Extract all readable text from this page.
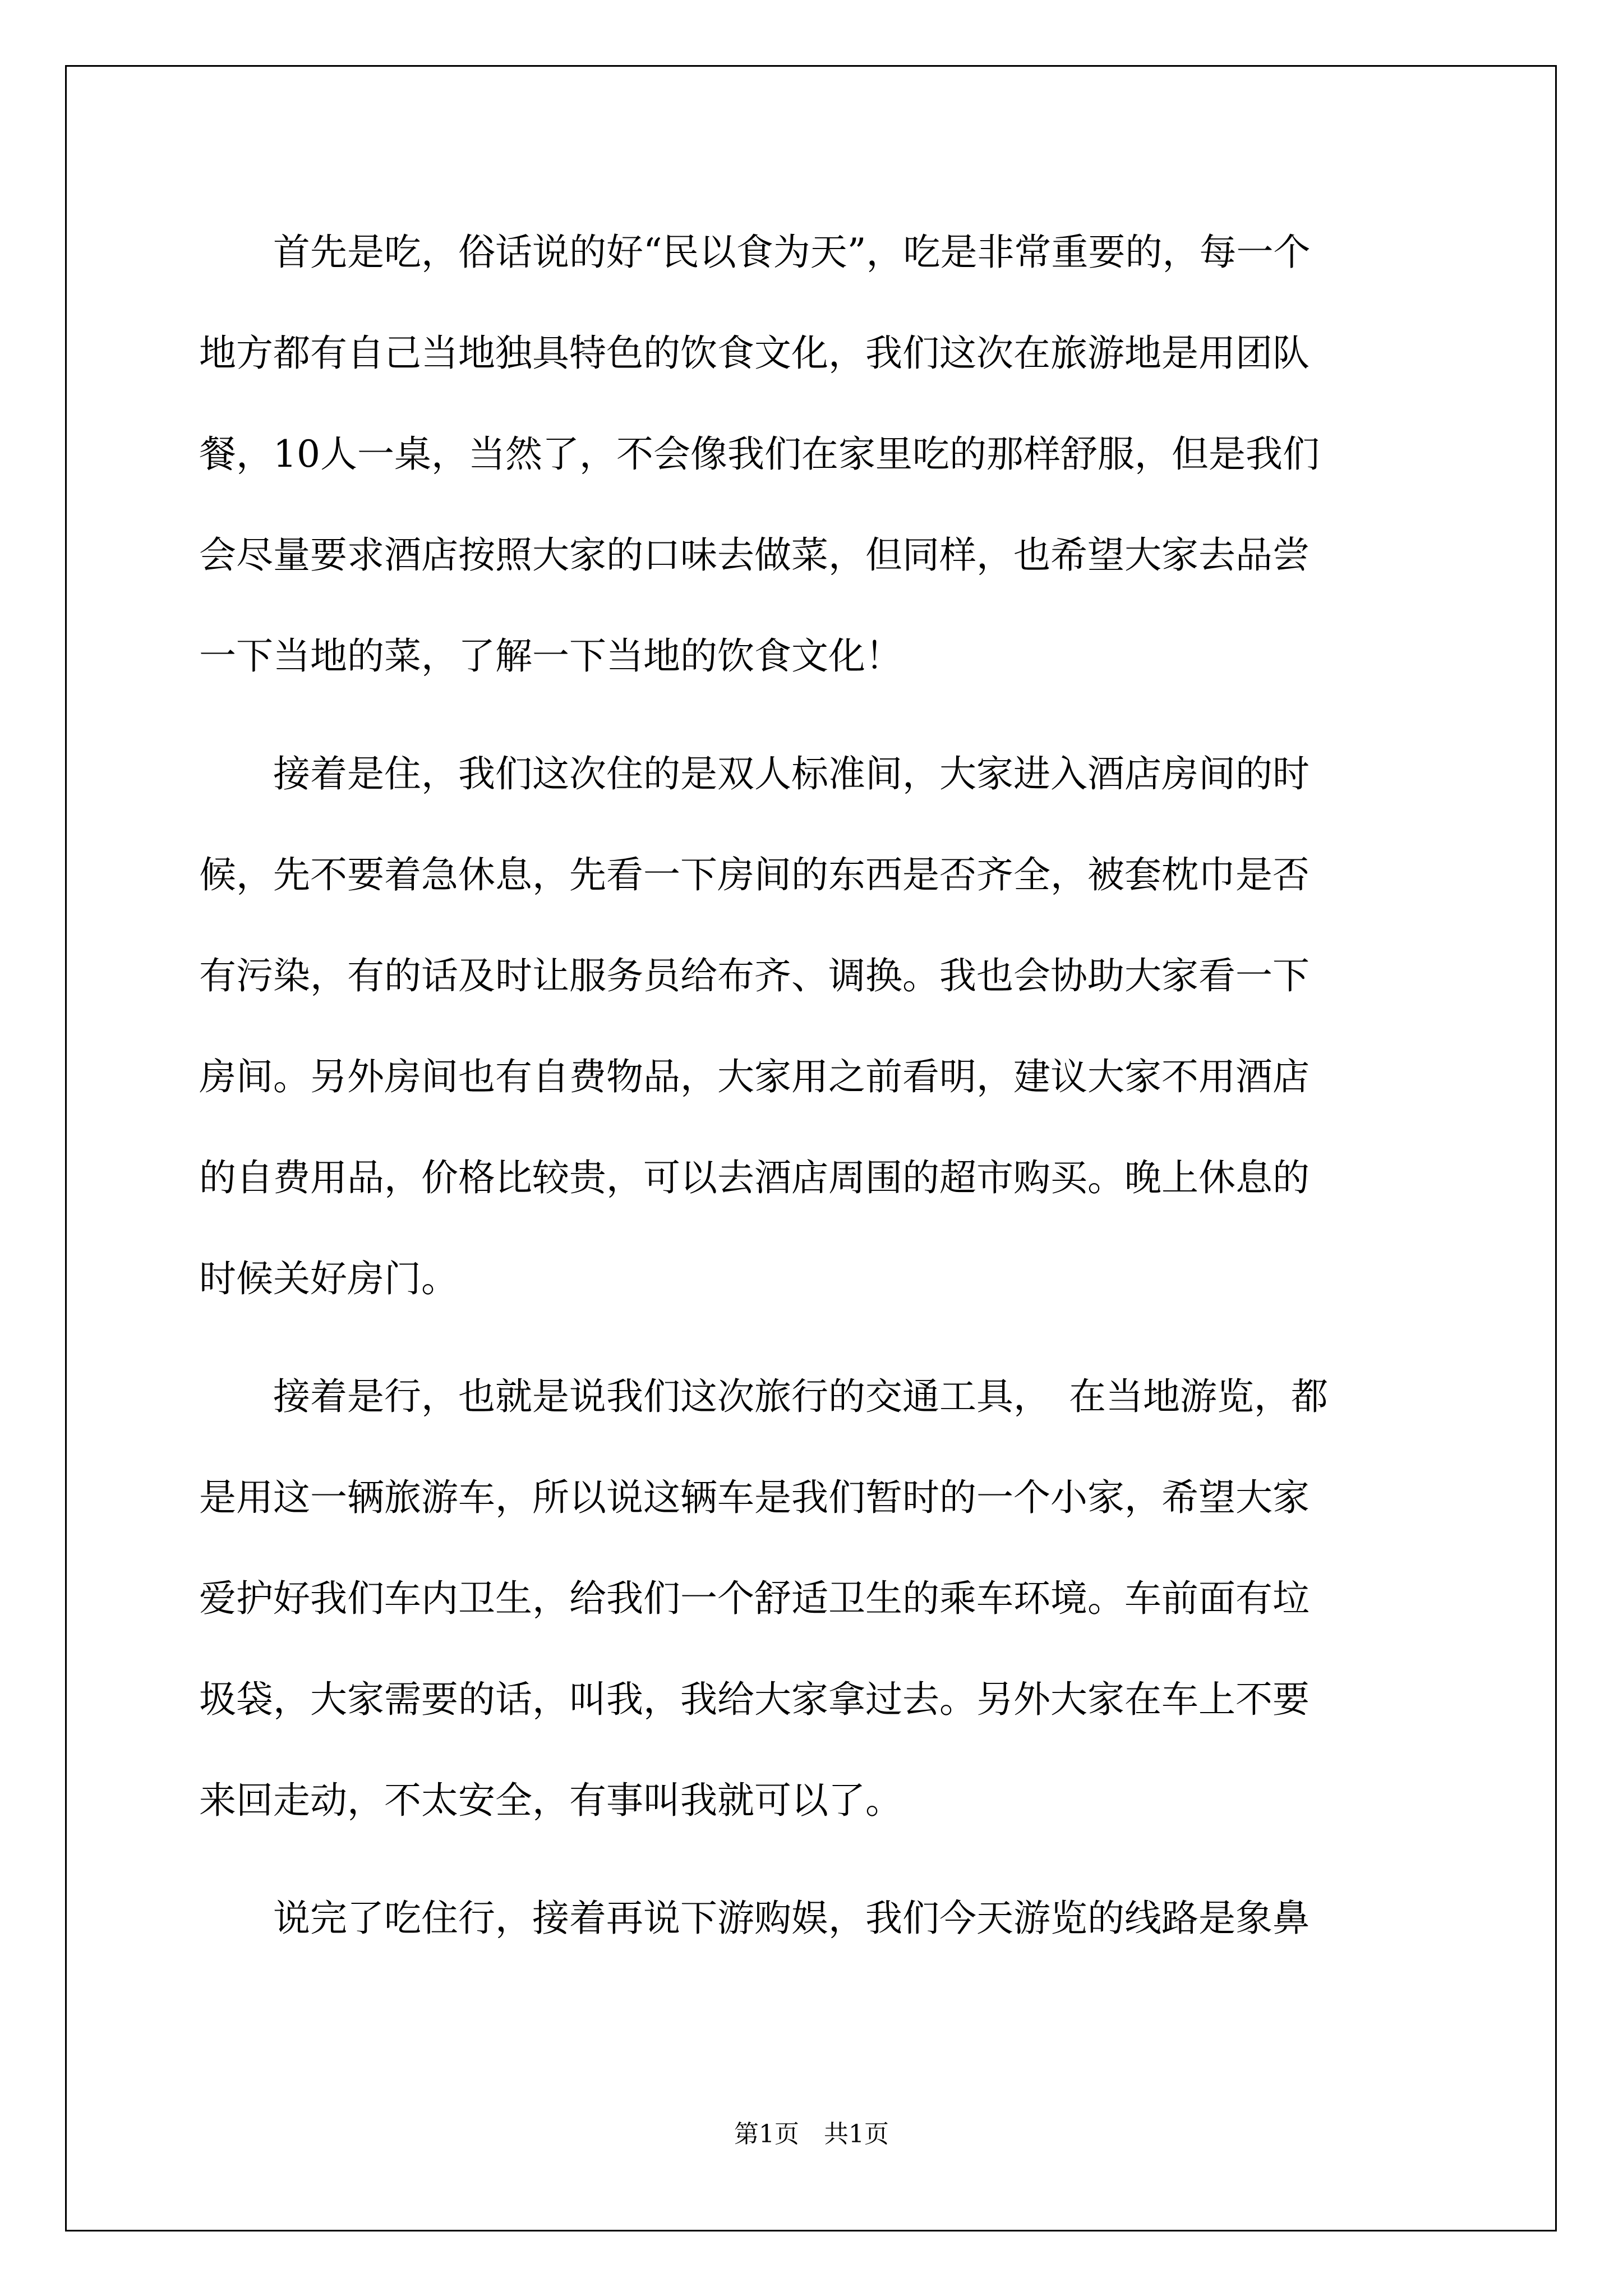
　　首先是吃，俗话说的好“民以食为天”，吃是非常重要的，每一个
地方都有自己当地独具特色的饮食文化，我们这次在旅游地是用团队
餐，10人一桌，当然了，不会像我们在家里吃的那样舒服，但是我们
会尽量要求酒店按照大家的口味去做菜，但同样，也希望大家去品尝
一下当地的菜，了解一下当地的饮食文化！
　　接着是住，我们这次住的是双人标准间，大家进入酒店房间的时
候，先不要着急休息，先看一下房间的东西是否齐全，被套枕巾是否
有污染，有的话及时让服务员给布齐、调换。我也会协助大家看一下
房间。另外房间也有自费物品，大家用之前看明，建议大家不用酒店
的自费用品，价格比较贵，可以去酒店周围的超市购买。晚上休息的
时候关好房门。
　　接着是行，也就是说我们这次旅行的交通工具，　在当地游览，都
是用这一辆旅游车，所以说这辆车是我们暂时的一个小家，希望大家
爱护好我们车内卫生，给我们一个舒适卫生的乘车环境。车前面有垃
圾袋，大家需要的话，叫我，我给大家拿过去。另外大家在车上不要
来回走动，不太安全，有事叫我就可以了。
　　说完了吃住行，接着再说下游购娱，我们今天游览的线路是象鼻
第1页　共1页
